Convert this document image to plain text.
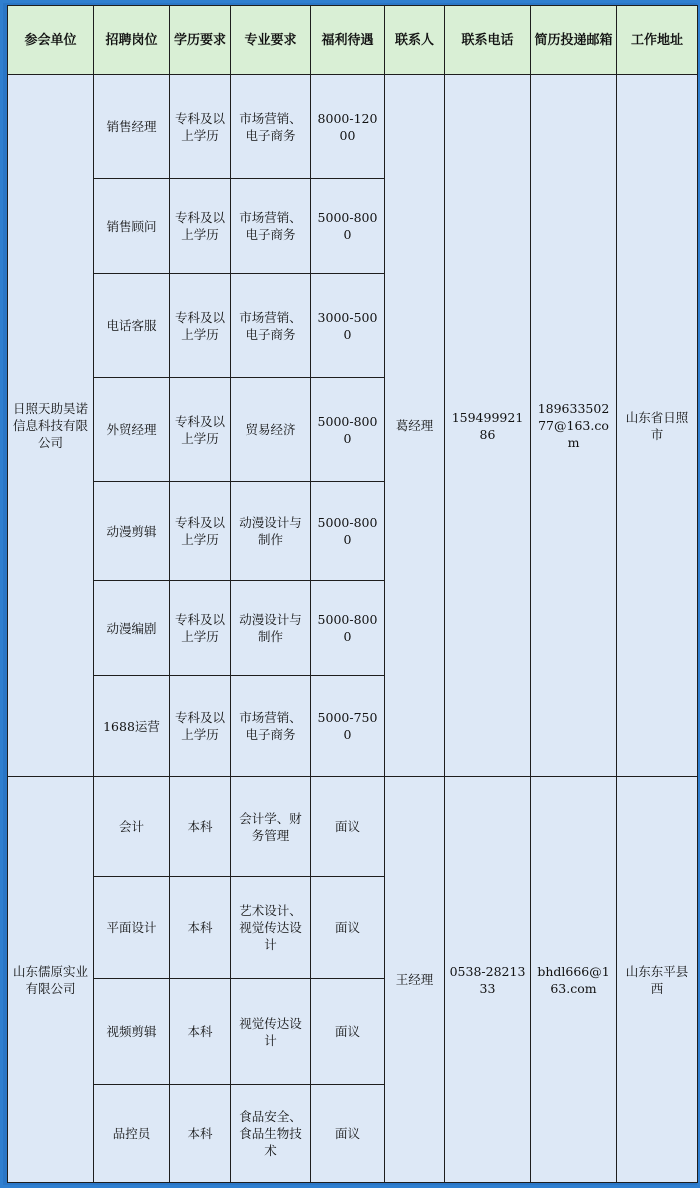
参会单位	招聘岗位	学历要求	专业要求	福利待遇	联系人	联系电话	简历投递邮箱	工作地址
日照天助昊诺信息科技有限公司	销售经理	专科及以上学历	市场营销、电子商务	8000-12000	葛经理	15949992186	18963350277@163.com	山东省日照市
	销售顾问	专科及以上学历	市场营销、电子商务	5000-8000				
	电话客服	专科及以上学历	市场营销、电子商务	3000-5000				
	外贸经理	专科及以上学历	贸易经济	5000-8000				
	动漫剪辑	专科及以上学历	动漫设计与制作	5000-8000				
	动漫编剧	专科及以上学历	动漫设计与制作	5000-8000				
	1688运营	专科及以上学历	市场营销、电子商务	5000-7500				
山东儒原实业有限公司	会计	本科	会计学、财务管理	面议	王经理	0538-2821333	bhdl666@163.com	山东东平县西
	平面设计	本科	艺术设计、视觉传达设计	面议				
	视频剪辑	本科	视觉传达设计	面议				
	品控员	本科	食品安全、食品生物技术	面议				
